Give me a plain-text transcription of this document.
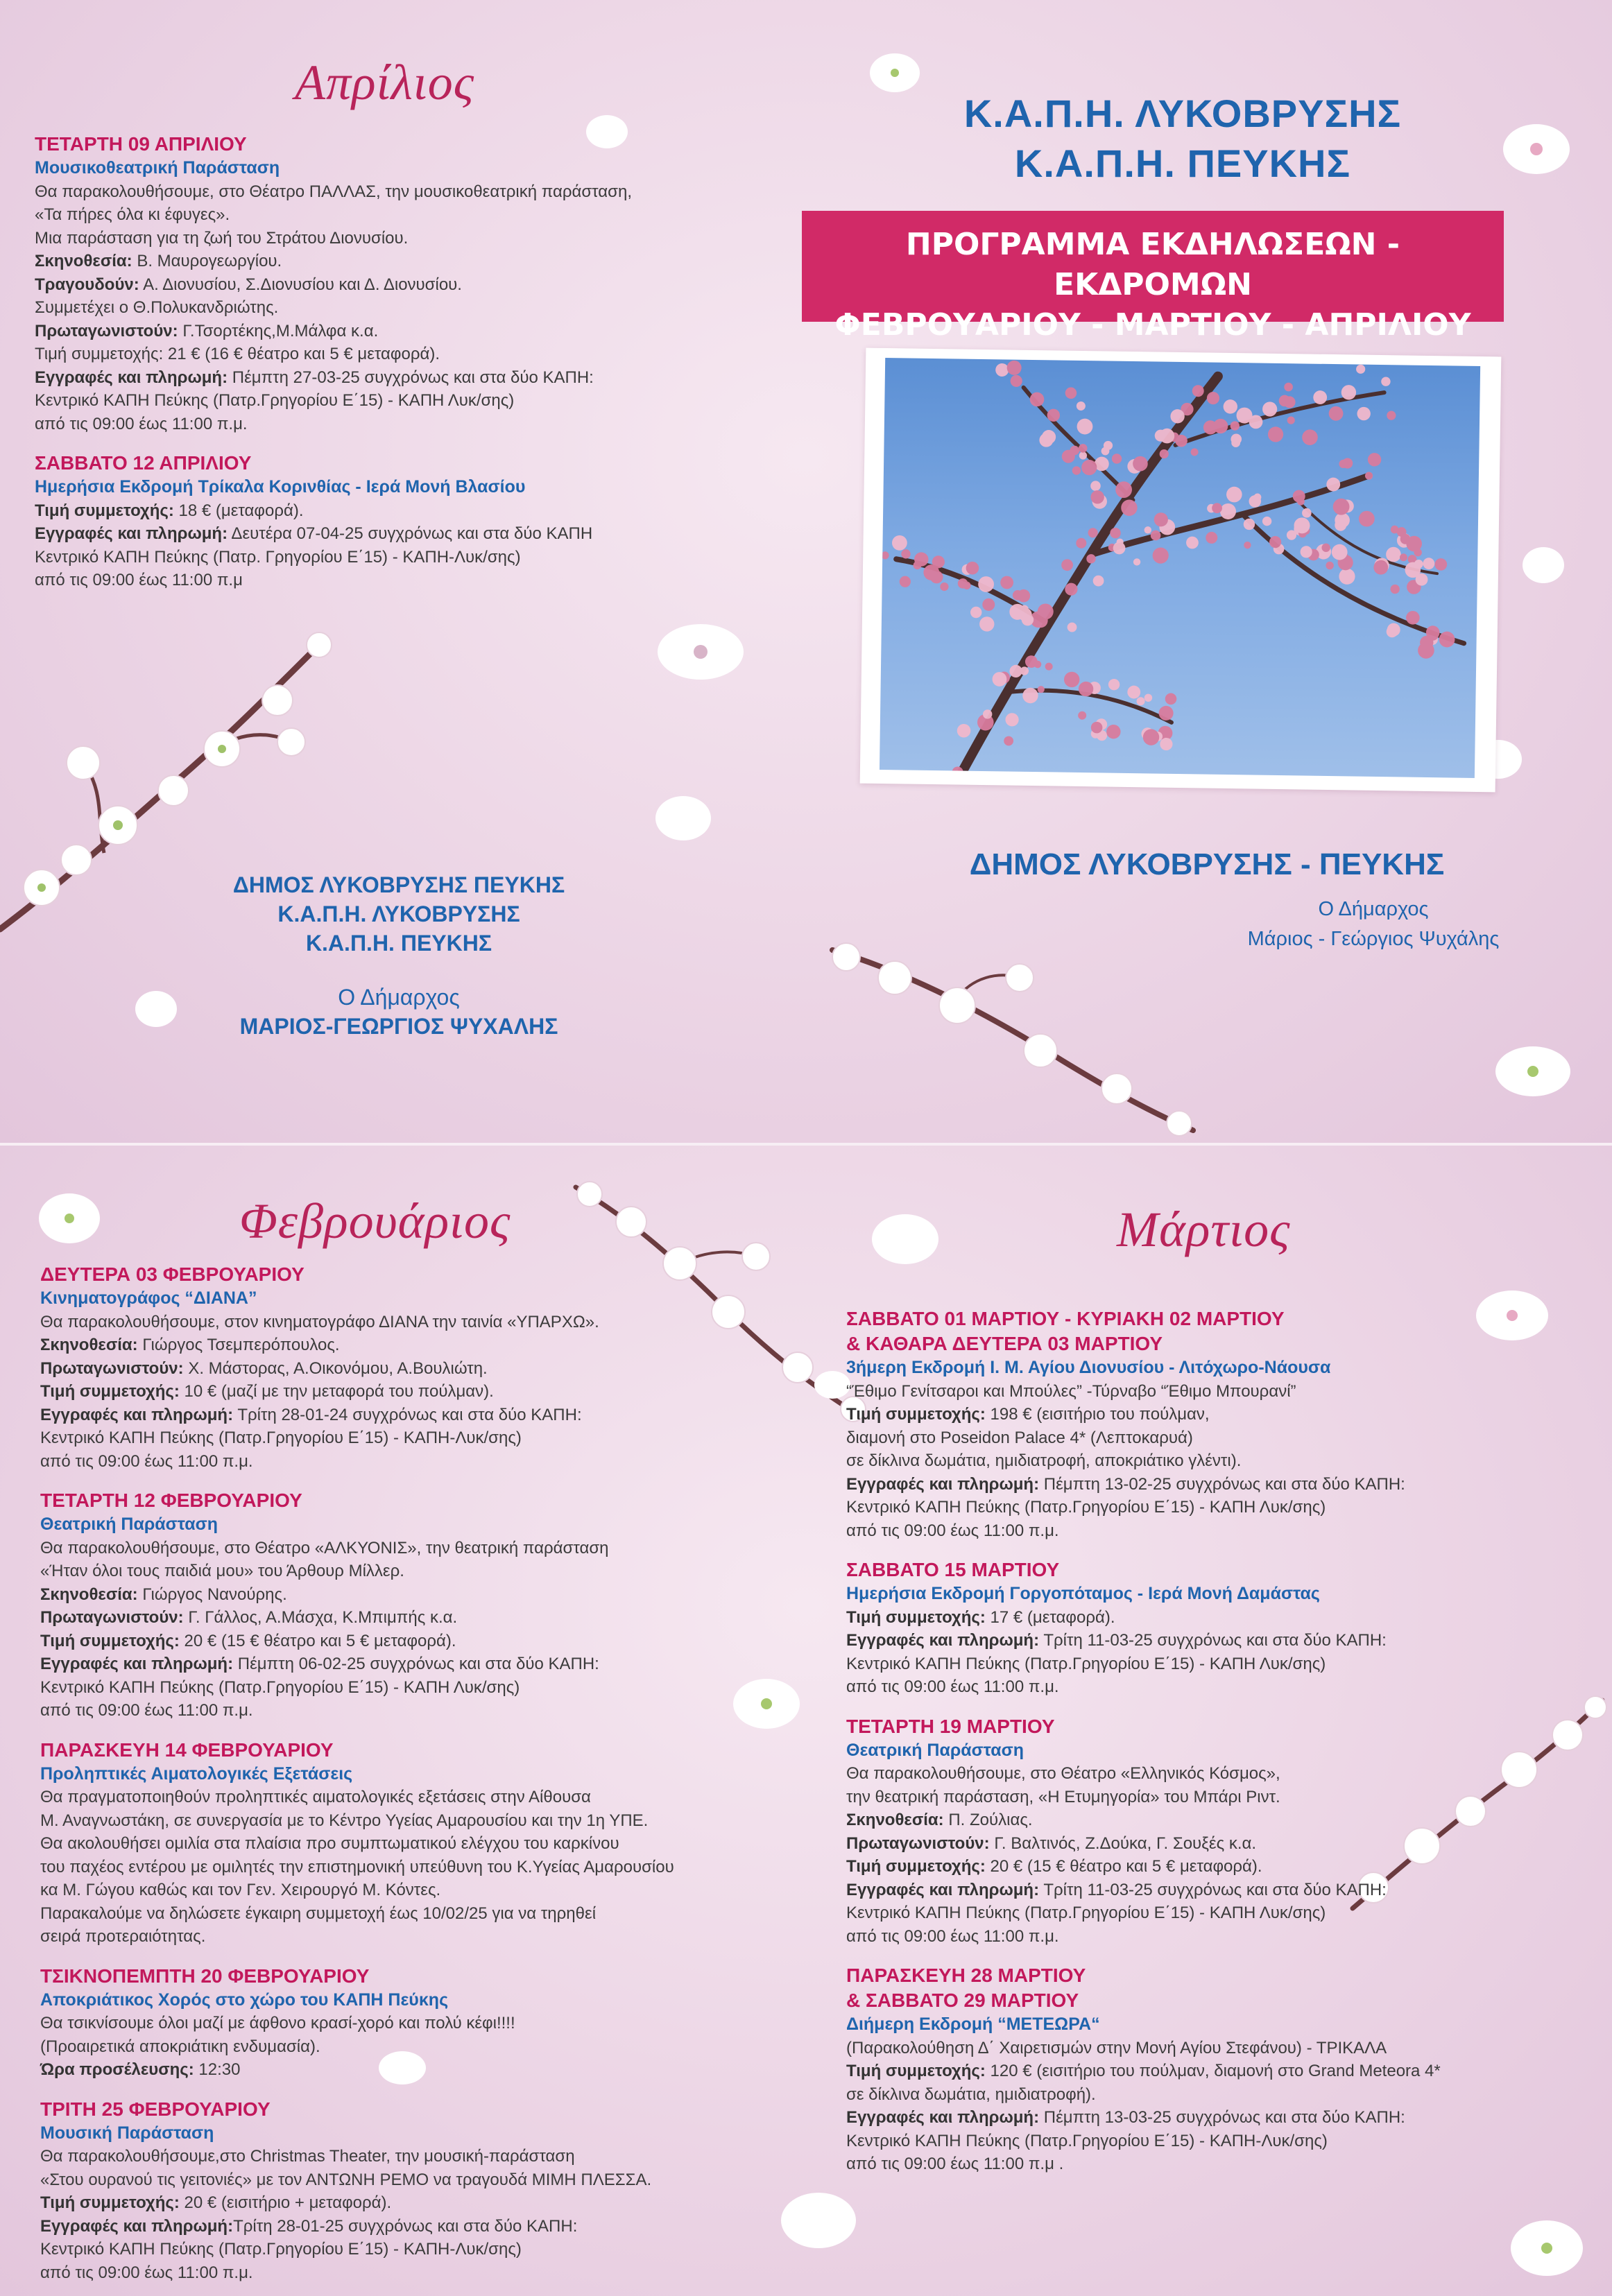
Απρίλιος

ΤΕΤΑΡΤΗ 09 ΑΠΡΙΛΙΟΥ

Μουσικοθεατρική Παράσταση

Θα παρακολουθήσουμε, στο Θέατρο ΠΑΛΛΑΣ, την μουσικοθεατρική παράσταση,

«Τα πήρες όλα κι έφυγες».

Μια παράσταση για τη ζωή του Στράτου Διονυσίου.

Σκηνοθεσία: Β. Μαυρογεωργίου.

Τραγουδούν: Α. Διονυσίου, Σ.Διονυσίου και Δ. Διονυσίου.

Συμμετέχει ο Θ.Πολυκανδριώτης.

Πρωταγωνιστούν: Γ.Τσορτέκης,Μ.Μάλφα κ.α.

Τιμή συμμετοχής: 21 € (16 € θέατρο και 5 € μεταφορά).

Εγγραφές και πληρωμή: Πέμπτη 27-03-25 συγχρόνως και στα δύο ΚΑΠΗ:

Κεντρικό ΚΑΠΗ Πεύκης (Πατρ.Γρηγορίου Ε΄15) - ΚΑΠΗ Λυκ/σης)

από τις 09:00 έως 11:00 π.μ.

ΣΑΒΒΑΤΟ 12 ΑΠΡΙΛΙΟΥ

Ημερήσια Εκδρομή Τρίκαλα Κορινθίας - Ιερά Μονή Βλασίου

Τιμή συμμετοχής: 18 € (μεταφορά).

Εγγραφές και πληρωμή: Δευτέρα 07-04-25 συγχρόνως και στα δύο ΚΑΠΗ

Κεντρικό ΚΑΠΗ Πεύκης (Πατρ. Γρηγορίου Ε΄15) - ΚΑΠΗ-Λυκ/σης)

από τις 09:00 έως 11:00 π.μ

Κ.Α.Π.Η. ΛΥΚΟΒΡΥΣΗΣ
Κ.Α.Π.Η. ΠΕΥΚΗΣ
ΠΡΟΓΡΑΜΜΑ ΕΚΔΗΛΩΣΕΩΝ - ΕΚΔΡΟΜΩΝ
ΦΕΒΡΟΥΑΡΙΟΥ - ΜΑΡΤΙΟΥ - ΑΠΡΙΛΙΟΥ
ΔΗΜΟΣ ΛΥΚΟΒΡΥΣΗΣ - ΠΕΥΚΗΣ
Ο Δήμαρχος
Μάριος - Γεώργιος Ψυχάλης
ΔΗΜΟΣ ΛΥΚΟΒΡΥΣΗΣ ΠΕΥΚΗΣ
Κ.Α.Π.Η. ΛΥΚΟΒΡΥΣΗΣ
Κ.Α.Π.Η. ΠΕΥΚΗΣ
Ο Δήμαρχος
ΜΑΡΙΟΣ-ΓΕΩΡΓΙΟΣ ΨΥΧΑΛΗΣ
Φεβρουάριος

ΔΕΥΤΕΡΑ 03 ΦΕΒΡΟΥΑΡΙΟΥ

Κινηματογράφος “ΔΙΑΝΑ”

Θα παρακολουθήσουμε, στον κινηματογράφο ΔΙΑΝΑ την ταινία «ΥΠΑΡΧΩ».

Σκηνοθεσία: Γιώργος Τσεμπερόπουλος.

Πρωταγωνιστούν: Χ. Μάστορας, Α.Οικονόμου, Α.Βουλιώτη.

Τιμή συμμετοχής: 10 € (μαζί με την μεταφορά του πούλμαν).

Εγγραφές και πληρωμή: Τρίτη 28-01-24 συγχρόνως και στα δύο ΚΑΠΗ:

Κεντρικό ΚΑΠΗ Πεύκης (Πατρ.Γρηγορίου Ε΄15) - ΚΑΠΗ-Λυκ/σης)

από τις 09:00 έως 11:00 π.μ.

ΤΕΤΑΡΤΗ 12 ΦΕΒΡΟΥΑΡΙΟΥ

Θεατρική Παράσταση

Θα παρακολουθήσουμε, στο Θέατρο «ΑΛΚΥΟΝΙΣ», την θεατρική παράσταση

«Ήταν όλοι τους παιδιά μου» του Άρθουρ Μίλλερ.

Σκηνοθεσία: Γιώργος Νανούρης.

Πρωταγωνιστούν: Γ. Γάλλος, Α.Μάσχα, Κ.Μπιμπής κ.α.

Τιμή συμμετοχής: 20 € (15 € θέατρο και 5 € μεταφορά).

Εγγραφές και πληρωμή: Πέμπτη 06-02-25 συγχρόνως και στα δύο ΚΑΠΗ:

Κεντρικό ΚΑΠΗ Πεύκης (Πατρ.Γρηγορίου Ε΄15) - ΚΑΠΗ Λυκ/σης)

από τις 09:00 έως 11:00 π.μ.

ΠΑΡΑΣΚΕΥΗ 14 ΦΕΒΡΟΥΑΡΙΟΥ

Προληπτικές Αιματολογικές Εξετάσεις

Θα πραγματοποιηθούν προληπτικές αιματολογικές εξετάσεις στην Αίθουσα

Μ. Αναγνωστάκη, σε συνεργασία με το Κέντρο Υγείας Αμαρουσίου και την 1η ΥΠΕ.

Θα ακολουθήσει ομιλία στα πλαίσια προ συμπτωματικού ελέγχου του καρκίνου

του παχέος εντέρου με ομιλητές την επιστημονική υπεύθυνη του Κ.Υγείας Αμαρουσίου

κα Μ. Γώγου καθώς και τον Γεν. Χειρουργό Μ. Κόντες.

Παρακαλούμε να δηλώσετε έγκαιρη συμμετοχή έως 10/02/25 για να τηρηθεί

σειρά προτεραιότητας.

ΤΣΙΚΝΟΠΕΜΠΤΗ 20 ΦΕΒΡΟΥΑΡΙΟΥ

Αποκριάτικος Χορός στο χώρο του ΚΑΠΗ Πεύκης

Θα τσικνίσουμε όλοι μαζί με άφθονο κρασί-χορό και πολύ κέφι!!!!

(Προαιρετικά αποκριάτικη ενδυμασία).

Ώρα προσέλευσης: 12:30

ΤΡΙΤΗ 25 ΦΕΒΡΟΥΑΡΙΟΥ

Μουσική Παράσταση

Θα παρακολουθήσουμε,στο Christmas Theater, την μουσική-παράσταση

«Στου ουρανού τις γειτονιές» με τον ΑΝΤΩΝΗ ΡΕΜΟ να τραγουδά ΜΙΜΗ ΠΛΕΣΣΑ.

Τιμή συμμετοχής: 20 € (εισιτήριο + μεταφορά).

Εγγραφές και πληρωμή:Τρίτη 28-01-25 συγχρόνως και στα δύο ΚΑΠΗ:

Κεντρικό ΚΑΠΗ Πεύκης (Πατρ.Γρηγορίου Ε΄15) - ΚΑΠΗ-Λυκ/σης)

από τις 09:00 έως 11:00 π.μ.

Μάρτιος

ΣΑΒΒΑΤΟ 01 ΜΑΡΤΙΟΥ - ΚΥΡΙΑΚΗ 02 ΜΑΡΤΙΟΥ

& ΚΑΘΑΡΑ ΔΕΥΤΕΡΑ 03 ΜΑΡΤΙΟΥ

3ήμερη Εκδρομή Ι. Μ. Αγίου Διονυσίου - Λιτόχωρο-Νάουσα

“Έθιμο Γενίτσαροι και Μπούλες” -Τύρναβο “Έθιμο Μπουρανί”

Τιμή συμμετοχής: 198 € (εισιτήριο του πούλμαν,

διαμονή στο Poseidon Palace 4* (Λεπτοκαρυά)

σε δίκλινα δωμάτια, ημιδιατροφή, αποκριάτικο γλέντι).

Εγγραφές και πληρωμή: Πέμπτη 13-02-25 συγχρόνως και στα δύο ΚΑΠΗ:

Κεντρικό ΚΑΠΗ Πεύκης (Πατρ.Γρηγορίου Ε΄15) - ΚΑΠΗ Λυκ/σης)

από τις 09:00 έως 11:00 π.μ.

ΣΑΒΒΑΤΟ 15 ΜΑΡΤΙΟΥ

Ημερήσια Εκδρομή Γοργοπόταμος - Ιερά Μονή Δαμάστας

Τιμή συμμετοχής: 17 € (μεταφορά).

Εγγραφές και πληρωμή: Τρίτη 11-03-25 συγχρόνως και στα δύο ΚΑΠΗ:

Κεντρικό ΚΑΠΗ Πεύκης (Πατρ.Γρηγορίου Ε΄15) - ΚΑΠΗ Λυκ/σης)

από τις 09:00 έως 11:00 π.μ.

ΤΕΤΑΡΤΗ 19 ΜΑΡΤΙΟΥ

Θεατρική Παράσταση

Θα παρακολουθήσουμε, στο Θέατρο «Ελληνικός Κόσμος»,

την θεατρική παράσταση, «Η Ετυμηγορία» του Μπάρι Ριντ.

Σκηνοθεσία: Π. Ζούλιας.

Πρωταγωνιστούν: Γ. Βαλτινός, Ζ.Δούκα, Γ. Σουξές κ.α.

Τιμή συμμετοχής: 20 € (15 € θέατρο και 5 € μεταφορά).

Εγγραφές και πληρωμή: Τρίτη 11-03-25 συγχρόνως και στα δύο ΚΑΠΗ:

Κεντρικό ΚΑΠΗ Πεύκης (Πατρ.Γρηγορίου Ε΄15) - ΚΑΠΗ Λυκ/σης)

από τις 09:00 έως 11:00 π.μ.

ΠΑΡΑΣΚΕΥΗ 28 ΜΑΡΤΙΟΥ

& ΣΑΒΒΑΤΟ 29 ΜΑΡΤΙΟΥ

Διήμερη Εκδρομή “ΜΕΤΕΩΡΑ“

(Παρακολούθηση Δ΄ Χαιρετισμών στην Μονή Αγίου Στεφάνου) - ΤΡΙΚΑΛΑ

Τιμή συμμετοχής: 120 € (εισιτήριο του πούλμαν, διαμονή στο Grand Meteora 4*

σε δίκλινα δωμάτια, ημιδιατροφή).

Εγγραφές και πληρωμή: Πέμπτη 13-03-25 συγχρόνως και στα δύο ΚΑΠΗ:

Κεντρικό ΚΑΠΗ Πεύκης (Πατρ.Γρηγορίου Ε΄15) - ΚΑΠΗ-Λυκ/σης)

από τις 09:00 έως 11:00 π.μ .
